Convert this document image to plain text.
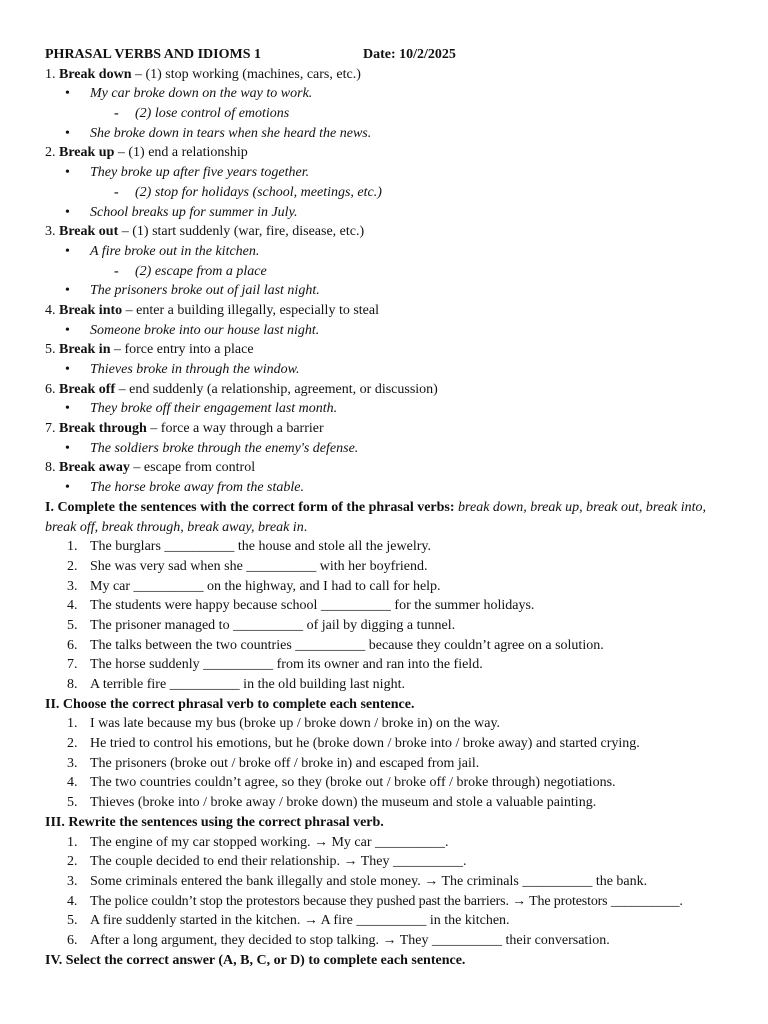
PHRASAL VERBS AND IDIOMS 1	Date: 10/2/2025
1. Break down – (1) stop working (machines, cars, etc.)
• My car broke down on the way to work.
- (2) lose control of emotions
• She broke down in tears when she heard the news.
2. Break up – (1) end a relationship
• They broke up after five years together.
- (2) stop for holidays (school, meetings, etc.)
• School breaks up for summer in July.
3. Break out – (1) start suddenly (war, fire, disease, etc.)
• A fire broke out in the kitchen.
- (2) escape from a place
• The prisoners broke out of jail last night.
4. Break into – enter a building illegally, especially to steal
• Someone broke into our house last night.
5. Break in – force entry into a place
• Thieves broke in through the window.
6. Break off – end suddenly (a relationship, agreement, or discussion)
• They broke off their engagement last month.
7. Break through – force a way through a barrier
• The soldiers broke through the enemy's defense.
8. Break away – escape from control
• The horse broke away from the stable.
I. Complete the sentences with the correct form of the phrasal verbs: break down, break up, break out, break into, break off, break through, break away, break in.
1. The burglars __________ the house and stole all the jewelry.
2. She was very sad when she __________ with her boyfriend.
3. My car __________ on the highway, and I had to call for help.
4. The students were happy because school __________ for the summer holidays.
5. The prisoner managed to __________ of jail by digging a tunnel.
6. The talks between the two countries __________ because they couldn’t agree on a solution.
7. The horse suddenly __________ from its owner and ran into the field.
8. A terrible fire __________ in the old building last night.
II. Choose the correct phrasal verb to complete each sentence.
1. I was late because my bus (broke up / broke down / broke in) on the way.
2. He tried to control his emotions, but he (broke down / broke into / broke away) and started crying.
3. The prisoners (broke out / broke off / broke in) and escaped from jail.
4. The two countries couldn’t agree, so they (broke out / broke off / broke through) negotiations.
5. Thieves (broke into / broke away / broke down) the museum and stole a valuable painting.
III. Rewrite the sentences using the correct phrasal verb.
1. The engine of my car stopped working. → My car __________.
2. The couple decided to end their relationship. → They __________.
3. Some criminals entered the bank illegally and stole money. → The criminals __________ the bank.
4. The police couldn’t stop the protestors because they pushed past the barriers. → The protestors __________.
5. A fire suddenly started in the kitchen. → A fire __________ in the kitchen.
6. After a long argument, they decided to stop talking. → They __________ their conversation.
IV. Select the correct answer (A, B, C, or D) to complete each sentence.
